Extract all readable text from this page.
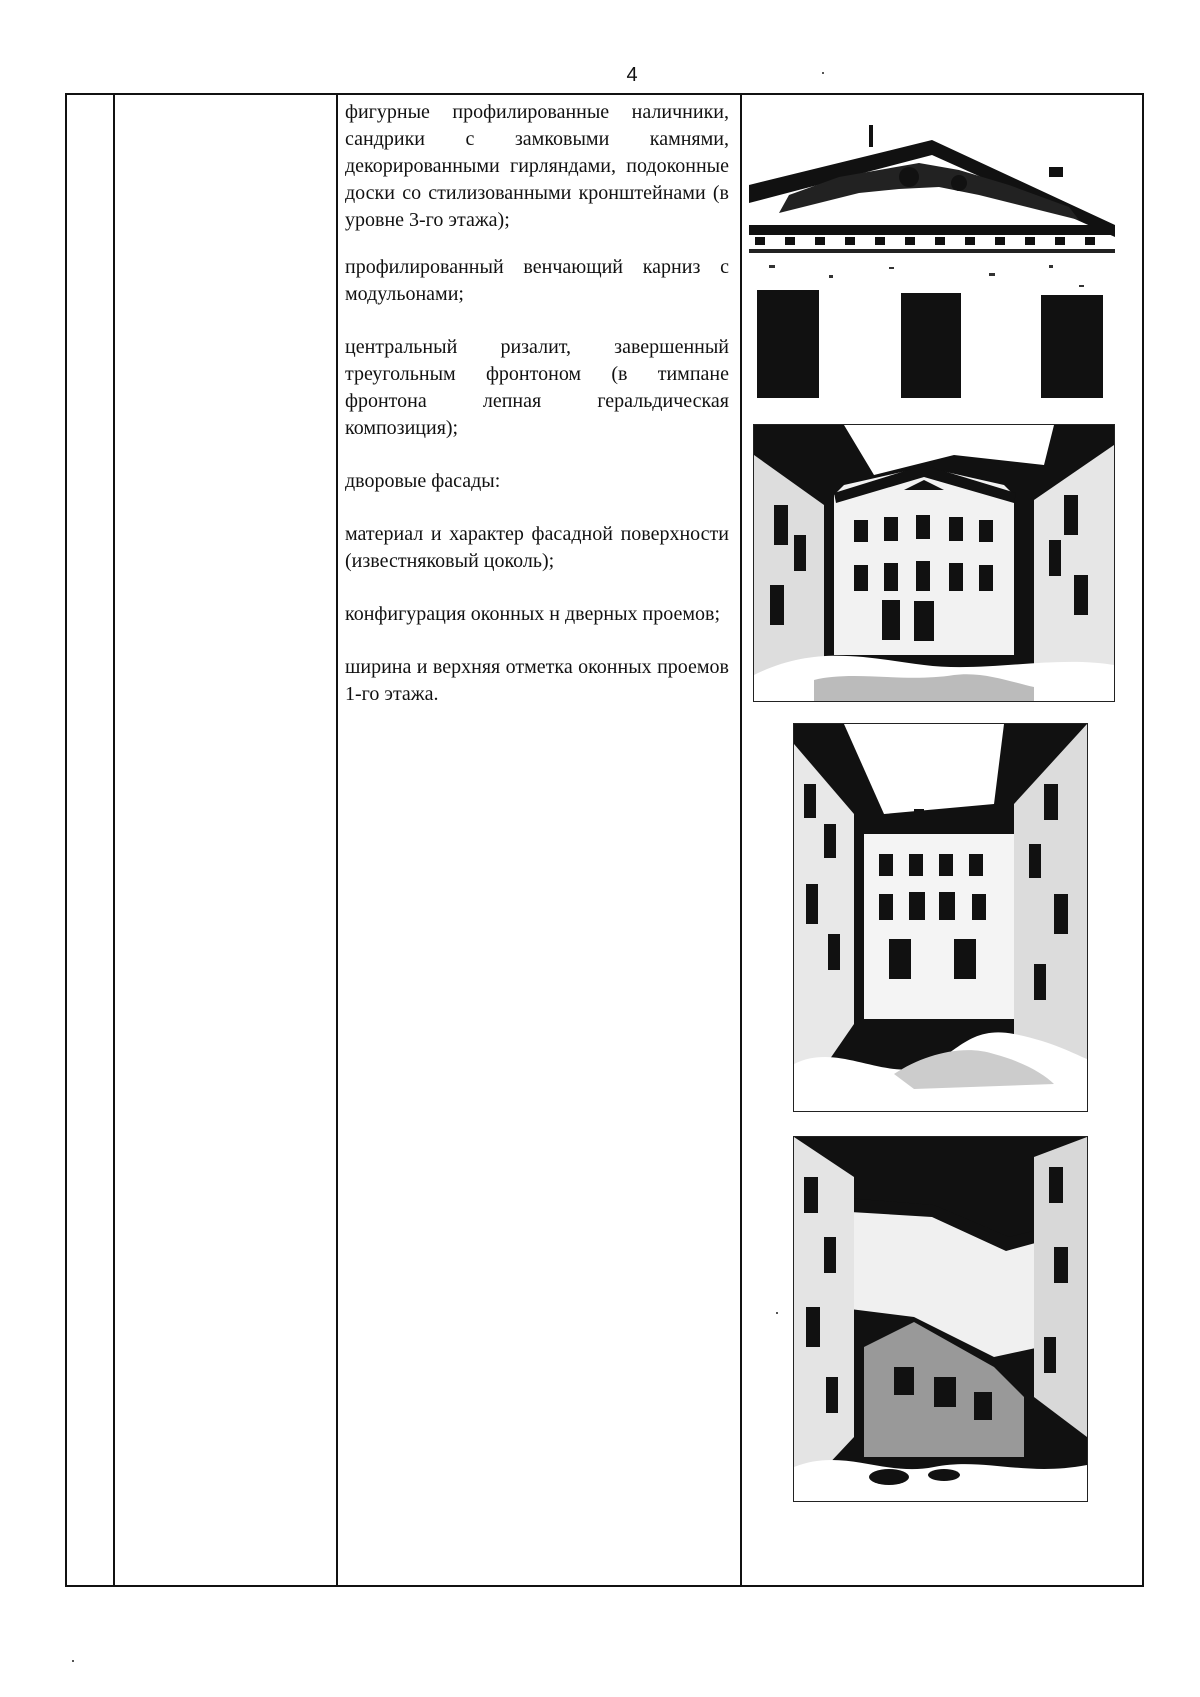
4

фигурные профилированные наличники, сандрики с замковыми камнями, декорированными гирляндами, подоконные доски со стилизованными кронштейнами (в уровне 3-го этажа);

профилированный венчающий карниз с модульонами;

центральный ризалит, завершенный треугольным фронтоном (в тимпане фронтона лепная геральдическая композиция);

дворовые фасады:

материал и характер фасадной поверхности (известняковый цоколь);

конфигурация оконных н дверных проемов;

ширина и верхняя отметка оконных проемов 1-го этажа.
